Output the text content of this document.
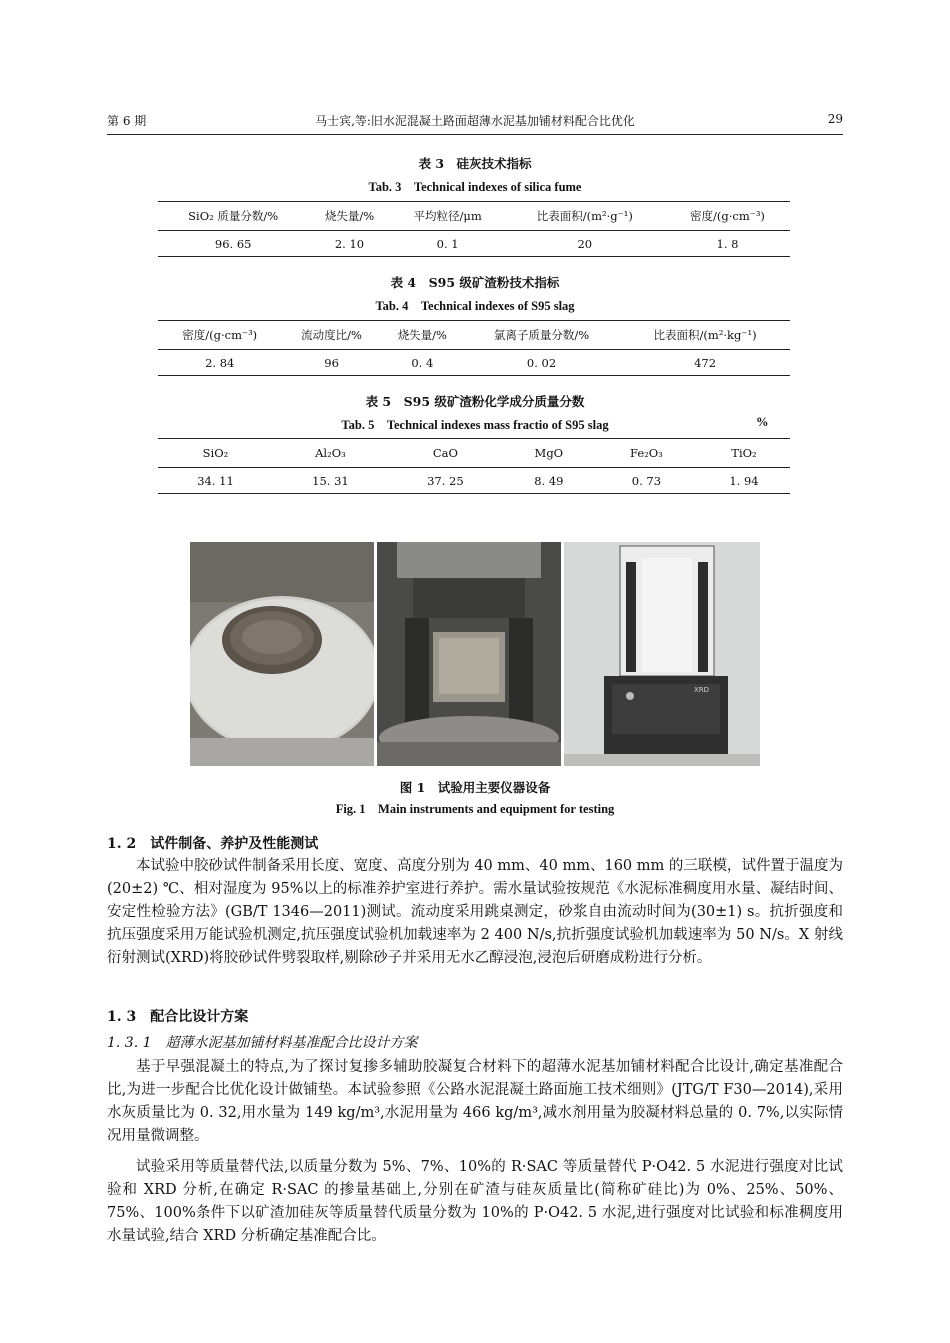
第 6 期	马士宾,等:旧水泥混凝土路面超薄水泥基加铺材料配合比优化	29
表 3　硅灰技术指标
Tab. 3　Technical indexes of silica fume
SiO₂ 质量分数/%	烧失量/%	平均粒径/μm	比表面积/(m²·g⁻¹)	密度/(g·cm⁻³)
96. 65	2. 10	0. 1	20	1. 8
表 4　S95 级矿渣粉技术指标
Tab. 4　Technical indexes of S95 slag
密度/(g·cm⁻³)	流动度比/%	烧失量/%	氯离子质量分数/%	比表面积/(m²·kg⁻¹)
2. 84	96	0. 4	0. 02	472
表 5　S95 级矿渣粉化学成分质量分数
Tab. 5　Technical indexes mass fractio of S95 slag	%
SiO₂	Al₂O₃	CaO	MgO	Fe₂O₃	TiO₂
34. 11	15. 31	37. 25	8. 49	0. 73	1. 94
XRD
图 1　试验用主要仪器设备
Fig. 1　Main instruments and equipment for testing
1. 2　试件制备、养护及性能测试

本试验中胶砂试件制备采用长度、宽度、高度分别为 40 mm、40 mm、160 mm 的三联模，试件置于温度为(20±2) ℃、相对湿度为 95%以上的标准养护室进行养护。需水量试验按规范《水泥标准稠度用水量、凝结时间、安定性检验方法》(GB/T 1346—2011)测试。流动度采用跳桌测定，砂浆自由流动时间为(30±1) s。抗折强度和抗压强度采用万能试验机测定,抗压强度试验机加载速率为 2 400 N/s,抗折强度试验机加载速率为 50 N/s。X 射线衍射测试(XRD)将胶砂试件劈裂取样,剔除砂子并采用无水乙醇浸泡,浸泡后研磨成粉进行分析。

1. 3　配合比设计方案
1. 3. 1　超薄水泥基加铺材料基准配合比设计方案

基于早强混凝土的特点,为了探讨复掺多辅助胶凝复合材料下的超薄水泥基加铺材料配合比设计,确定基准配合比,为进一步配合比优化设计做铺垫。本试验参照《公路水泥混凝土路面施工技术细则》(JTG/T F30—2014),采用水灰质量比为 0. 32,用水量为 149 kg/m³,水泥用量为 466 kg/m³,减水剂用量为胶凝材料总量的 0. 7%,以实际情况用量微调整。

试验采用等质量替代法,以质量分数为 5%、7%、10%的 R·SAC 等质量替代 P·O42. 5 水泥进行强度对比试验和 XRD 分析,在确定 R·SAC 的掺量基础上,分别在矿渣与硅灰质量比(简称矿硅比)为 0%、25%、50%、75%、100%条件下以矿渣加硅灰等质量替代质量分数为 10%的 P·O42. 5 水泥,进行强度对比试验和标准稠度用水量试验,结合 XRD 分析确定基准配合比。
